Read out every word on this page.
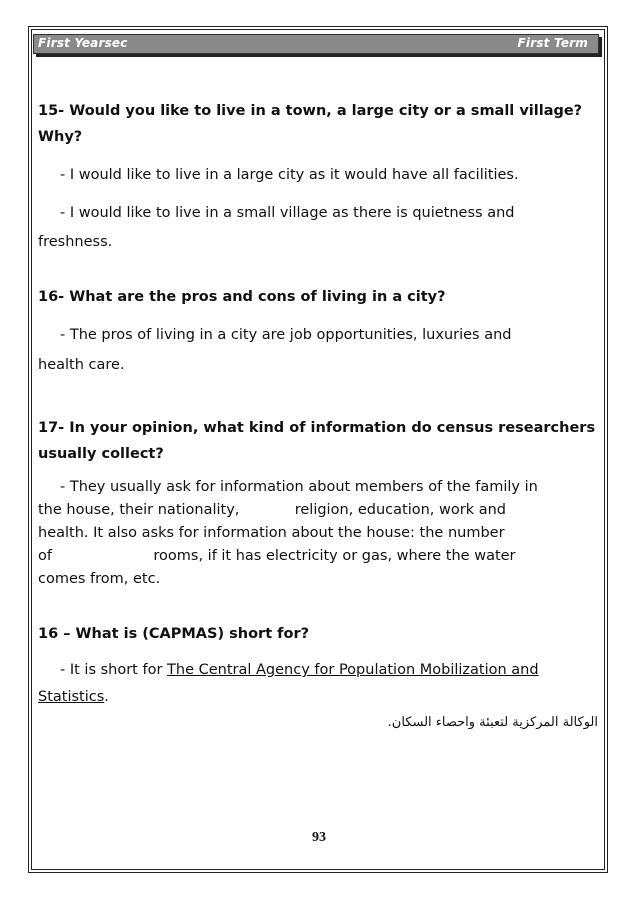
First Yearsec	First Term

15- Would you like to live in a town, a large city or a small village? Why?

- I would like to live in a large city as it would have all facilities.

- I would like to live in a small village as there is quietness and

freshness.

16- What are the pros and cons of living in a city?

- The pros of living in a city are job opportunities, luxuries and

health care.

17- In your opinion, what kind of information do census researchers usually collect?

- They usually ask for information about members of the family in

the house, their nationality,            religion, education, work and

health. It also asks for information about the house: the number

of                      rooms, if it has electricity or gas, where the water

comes from, etc.

16 – What is (CAPMAS) short for?

- It is short for The Central Agency for Population Mobilization and

Statistics.

الوكالة المركزية لتعبئة واحصاء السكان.

93
